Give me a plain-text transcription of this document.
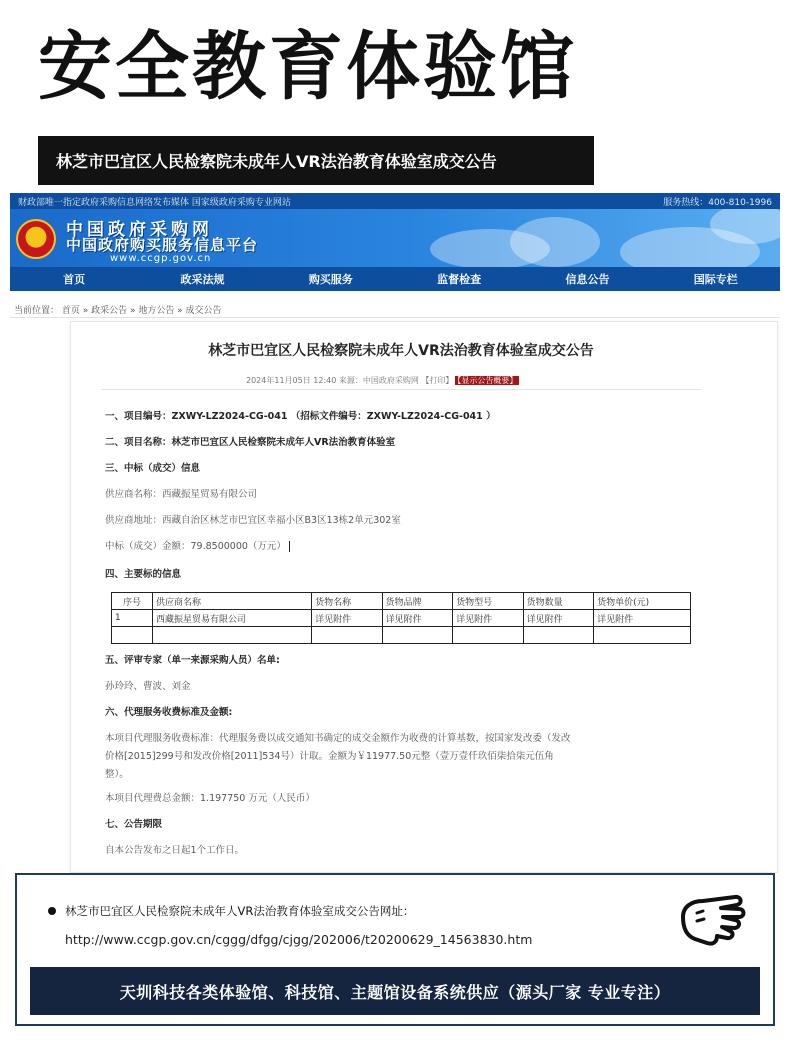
安全教育体验馆
林芝市巴宜区人民检察院未成年人VR法治教育体验室成交公告
财政部唯一指定政府采购信息网络发布媒体 国家级政府采购专业网站	服务热线：400-810-1996
★	中国政府采购网
中国政府购买服务信息平台
www.ccgp.gov.cn
首页	政采法规	购买服务	监督检查	信息公告	国际专栏
当前位置： 首页 » 政采公告 » 地方公告 » 成交公告
林芝市巴宜区人民检察院未成年人VR法治教育体验室成交公告
2024年11月05日 12:40 来源：中国政府采购网 【打印】 【显示公告概要】
一、项目编号：ZXWY-LZ2024-CG-041 （招标文件编号：ZXWY-LZ2024-CG-041 ）
二、项目名称：林芝市巴宜区人民检察院未成年人VR法治教育体验室
三、中标（成交）信息
供应商名称：西藏振星贸易有限公司
供应商地址：西藏自治区林芝市巴宜区幸福小区B3区13栋2单元302室
中标（成交）金额：79.8500000（万元）
四、主要标的信息
序号	供应商名称	货物名称	货物品牌	货物型号	货物数量	货物单价(元)
1	西藏振星贸易有限公司	详见附件	详见附件	详见附件	详见附件	详见附件

五、评审专家（单一来源采购人员）名单:
孙玲玲、曹波、刘金
六、代理服务收费标准及金额:
本项目代理服务收费标准：代理服务费以成交通知书确定的成交金额作为收费的计算基数，按国家发改委（发改
价格[2015]299号和发改价格[2011]534号）计取。金额为￥11977.50元整（壹万壹仟玖佰柒拾柒元伍角
整）。
本项目代理费总金额：1.197750 万元（人民币）
七、公告期限
自本公告发布之日起1个工作日。
林芝市巴宜区人民检察院未成年人VR法治教育体验室成交公告网址：
http://www.ccgp.gov.cn/cggg/dfgg/cjgg/202006/t20200629_14563830.htm
天圳科技各类体验馆、科技馆、主题馆设备系统供应（源头厂家 专业专注）
